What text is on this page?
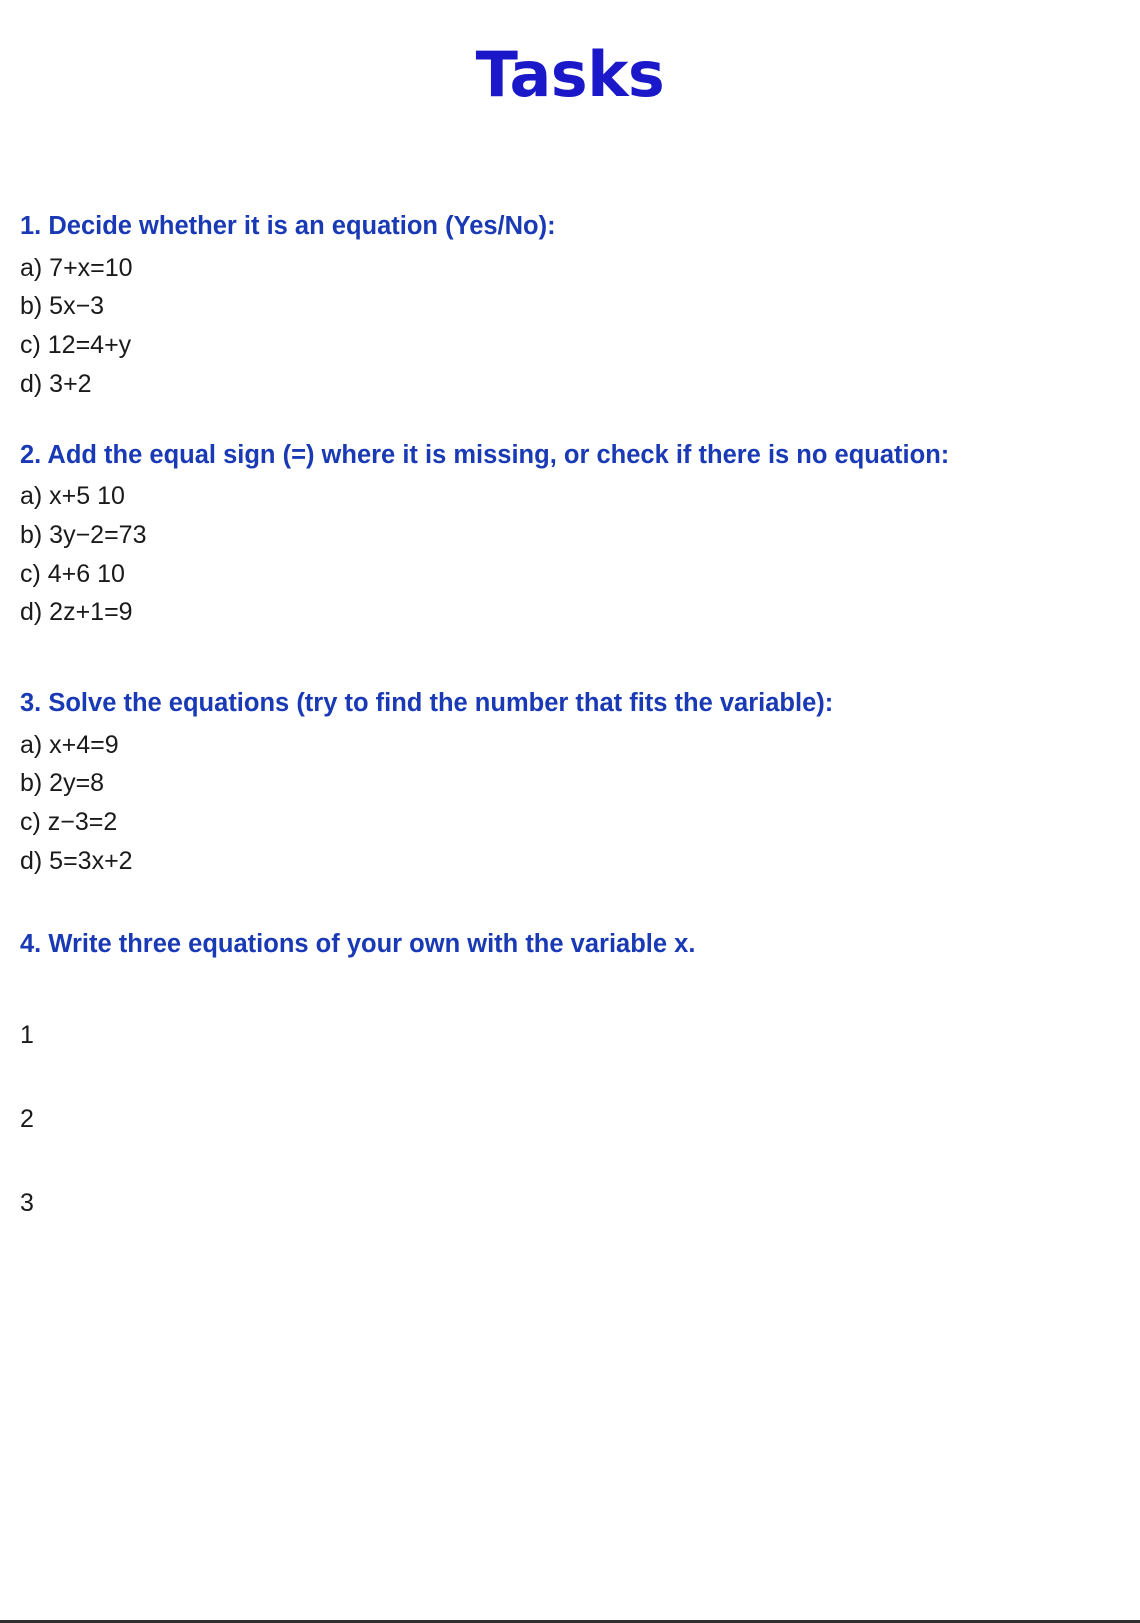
Tasks

1. Decide whether it is an equation (Yes/No):

a) 7+x=10

b) 5x−3

c) 12=4+y

d) 3+2

2. Add the equal sign (=) where it is missing, or check if there is no equation:

a) x+5 10

b) 3y−2=73

c) 4+6 10

d) 2z+1=9

3. Solve the equations (try to find the number that fits the variable):

a) x+4=9

b) 2y=8

c) z−3=2

d) 5=3x+2

4. Write three equations of your own with the variable x.

1

2

3
